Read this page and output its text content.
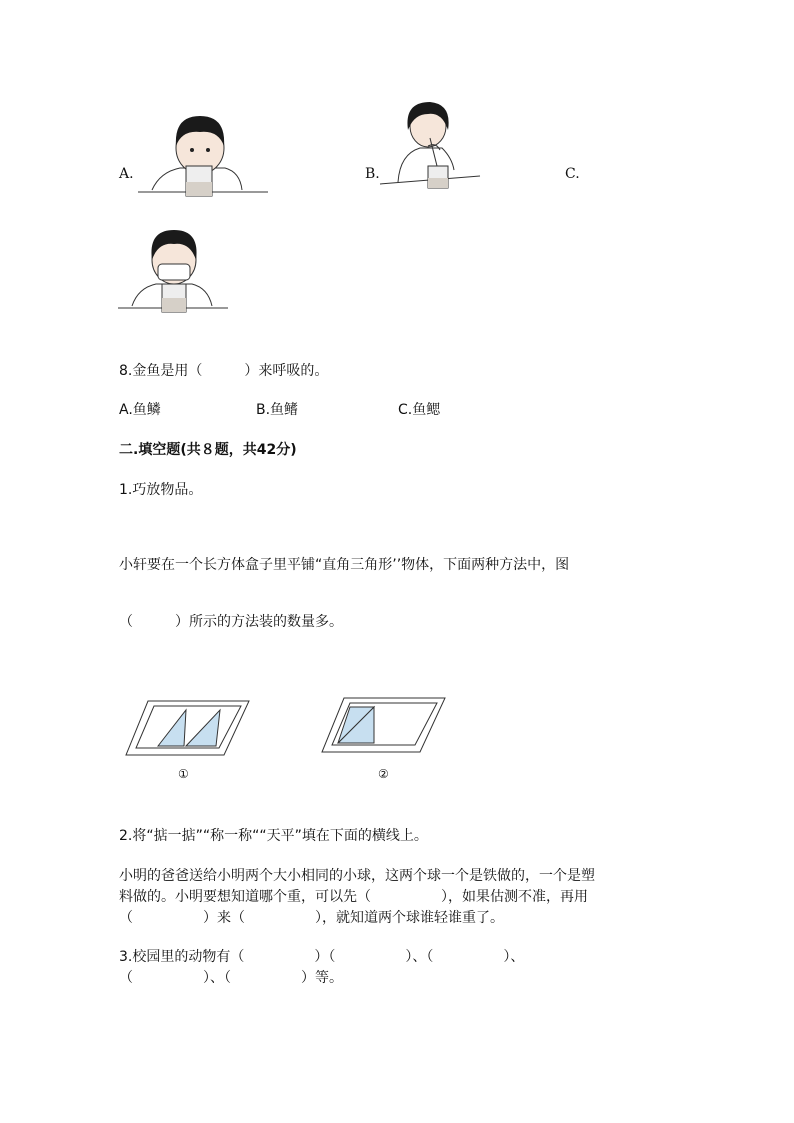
A.	B.	C.
8.金鱼是用（　　　）来呼吸的。
A.鱼鳞	B.鱼鳍	C.鱼鳃
二.填空题(共８题，共42分)
1.巧放物品。
小轩要在一个长方体盒子里平铺“直角三角形’’物体，下面两种方法中，图
（　　　）所示的方法装的数量多。
①	②
2.将“掂一掂”“称一称““天平”填在下面的横线上。
小明的爸爸送给小明两个大小相同的小球，这两个球一个是铁做的，一个是塑
料做的。小明要想知道哪个重，可以先（　　　　　），如果估测不准，再用
（　　　　　）来（　　　　　），就知道两个球谁轻谁重了。
3.校园里的动物有（　　　　　）（　　　　　）、（　　　　　）、
（　　　　　）、（　　　　　）等。
